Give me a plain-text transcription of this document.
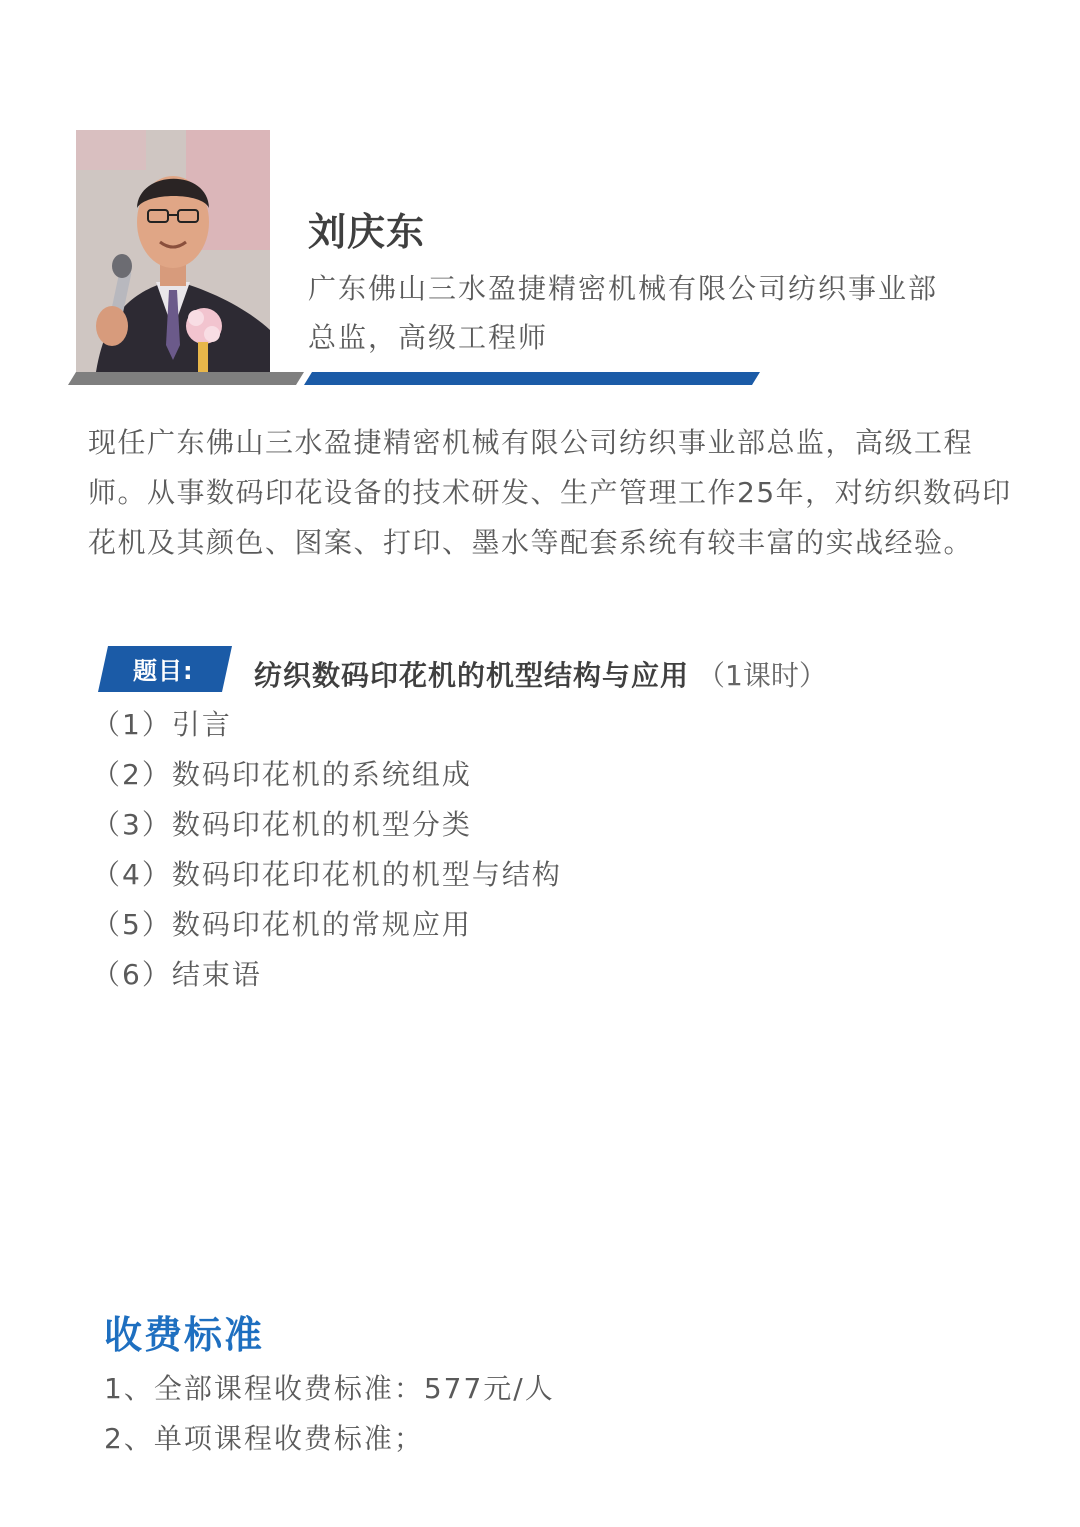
刘庆东

广东佛山三水盈捷精密机械有限公司纺织事业部

总监，高级工程师

现任广东佛山三水盈捷精密机械有限公司纺织事业部总监，高级工程师。从事数码印花设备的技术研发、生产管理工作25年，对纺织数码印花机及其颜色、图案、打印、墨水等配套系统有较丰富的实战经验。

题目: 纺织数码印花机的机型结构与应用 （1课时）

（1）引言
（2）数码印花机的系统组成
（3）数码印花机的机型分类
（4）数码印花印花机的机型与结构
（5）数码印花机的常规应用
（6）结束语
收费标准
1、全部课程收费标准：577元/人
2、单项课程收费标准；
